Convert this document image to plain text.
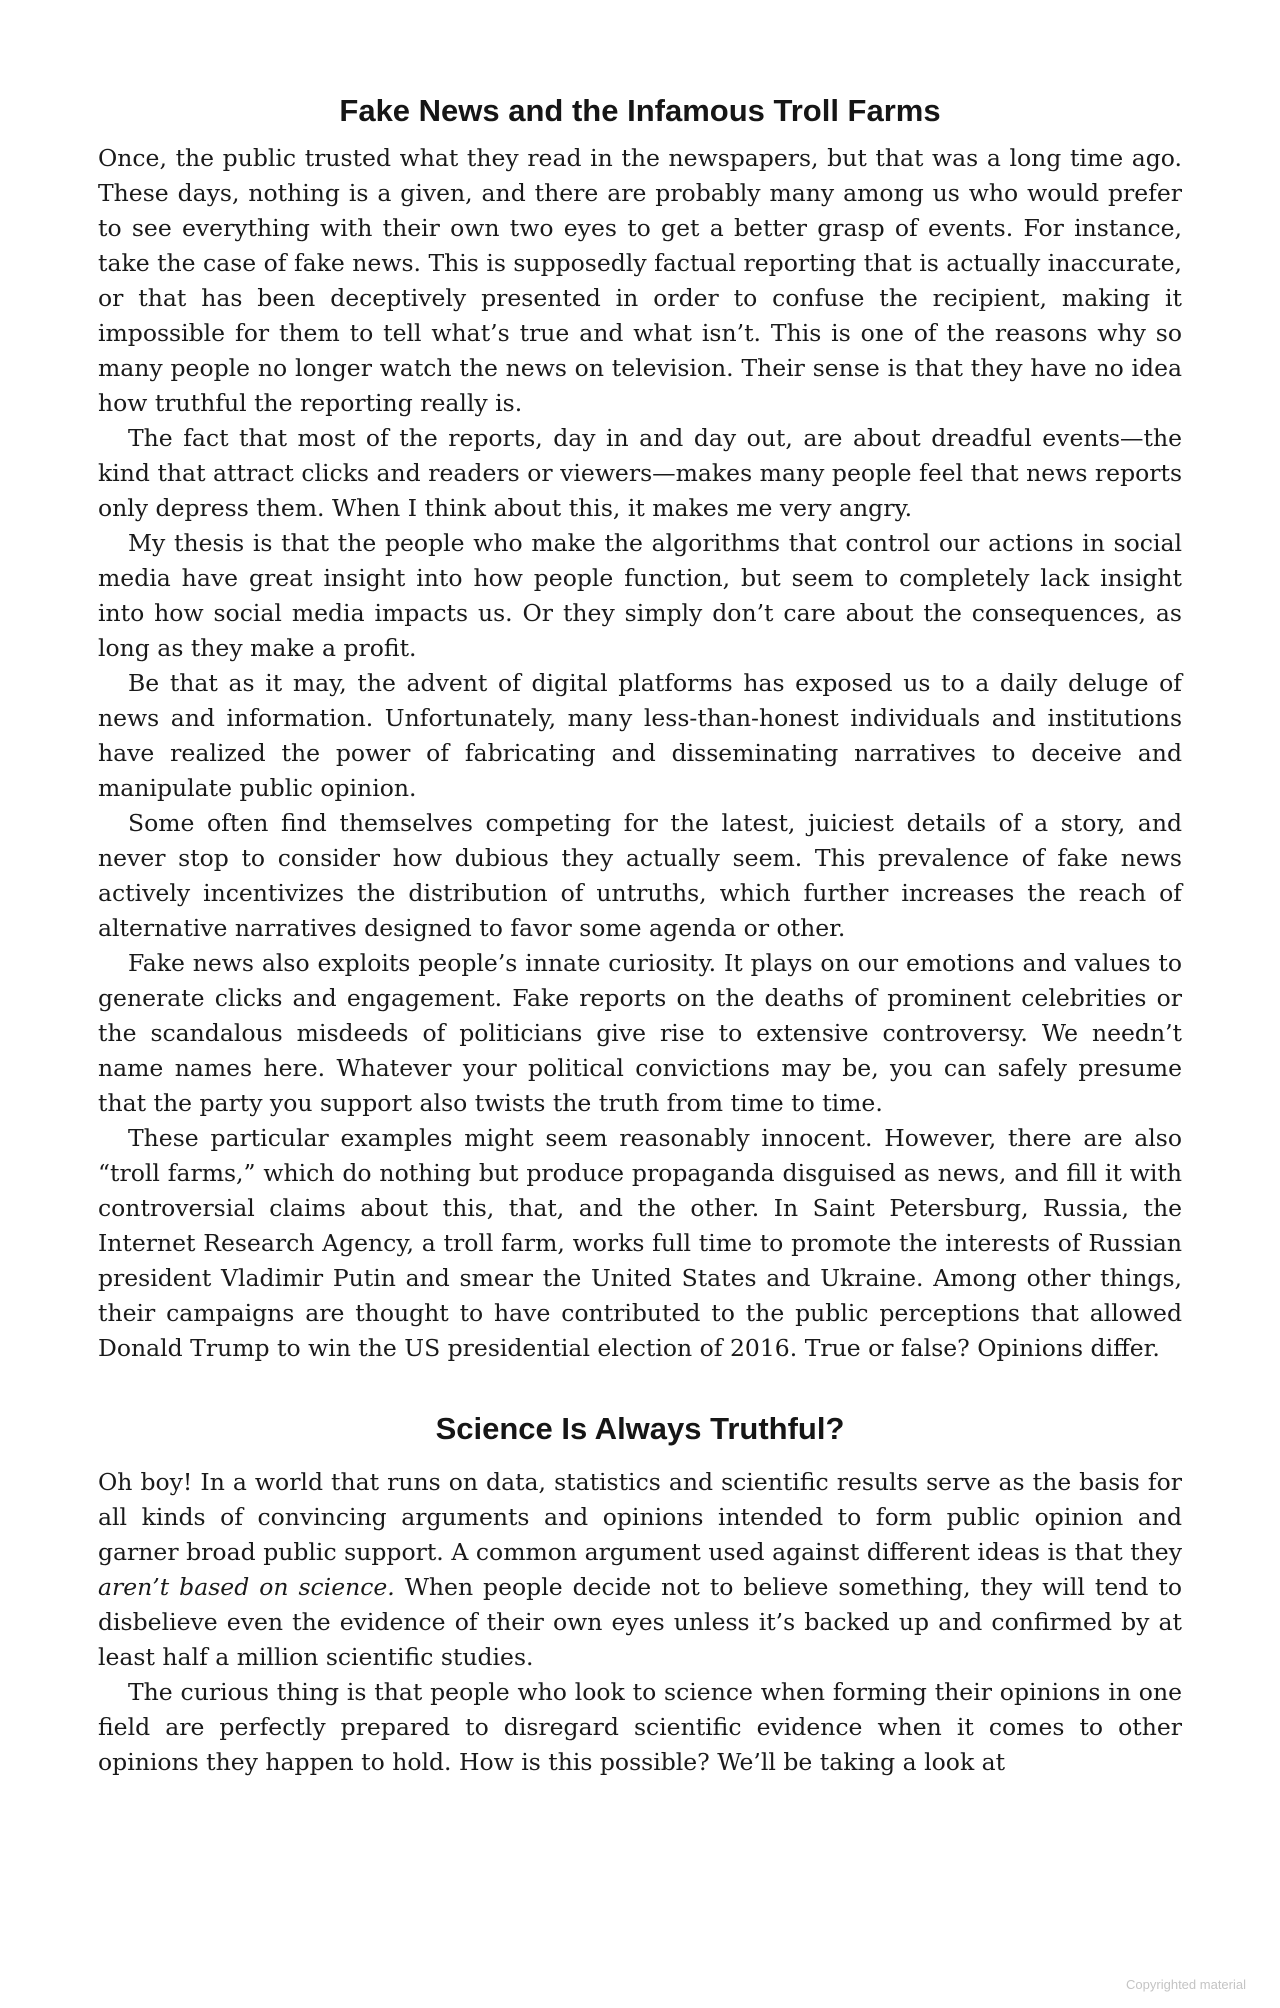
Fake News and the Infamous Troll Farms

Once, the public trusted what they read in the newspapers, but that was a long time ago. These days, nothing is a given, and there are probably many among us who would prefer to see everything with their own two eyes to get a better grasp of events. For instance, take the case of fake news. This is supposedly factual reporting that is actually inaccurate, or that has been deceptively presented in order to confuse the recipient, making it impossible for them to tell what’s true and what isn’t. This is one of the reasons why so many people no longer watch the news on television. Their sense is that they have no idea how truthful the reporting really is.

The fact that most of the reports, day in and day out, are about dreadful events—the kind that attract clicks and readers or viewers—makes many people feel that news reports only depress them. When I think about this, it makes me very angry.

My thesis is that the people who make the algorithms that control our actions in social media have great insight into how people function, but seem to completely lack insight into how social media impacts us. Or they simply don’t care about the consequences, as long as they make a profit.

Be that as it may, the advent of digital platforms has exposed us to a daily deluge of news and information. Unfortunately, many less-than-honest individuals and institutions have realized the power of fabricating and disseminating narratives to deceive and manipulate public opinion.

Some often find themselves competing for the latest, juiciest details of a story, and never stop to consider how dubious they actually seem. This prevalence of fake news actively incentivizes the distribution of untruths, which further increases the reach of alternative narratives designed to favor some agenda or other.

Fake news also exploits people’s innate curiosity. It plays on our emotions and values to generate clicks and engagement. Fake reports on the deaths of prominent celebrities or the scandalous misdeeds of politicians give rise to extensive controversy. We needn’t name names here. Whatever your political convictions may be, you can safely presume that the party you support also twists the truth from time to time.

These particular examples might seem reasonably innocent. However, there are also “troll farms,” which do nothing but produce propaganda disguised as news, and fill it with controversial claims about this, that, and the other. In Saint Petersburg, Russia, the Internet Research Agency, a troll farm, works full time to promote the interests of Russian president Vladimir Putin and smear the United States and Ukraine. Among other things, their campaigns are thought to have contributed to the public perceptions that allowed Donald Trump to win the US presidential election of 2016. True or false? Opinions differ.

Science Is Always Truthful?

Oh boy! In a world that runs on data, statistics and scientific results serve as the basis for all kinds of convincing arguments and opinions intended to form public opinion and garner broad public support. A common argument used against different ideas is that they aren’t based on science. When people decide not to believe something, they will tend to disbelieve even the evidence of their own eyes unless it’s backed up and confirmed by at least half a million scientific studies.

The curious thing is that people who look to science when forming their opinions in one field are perfectly prepared to disregard scientific evidence when it comes to other opinions they happen to hold. How is this possible? We’ll be taking a look at

Copyrighted material
